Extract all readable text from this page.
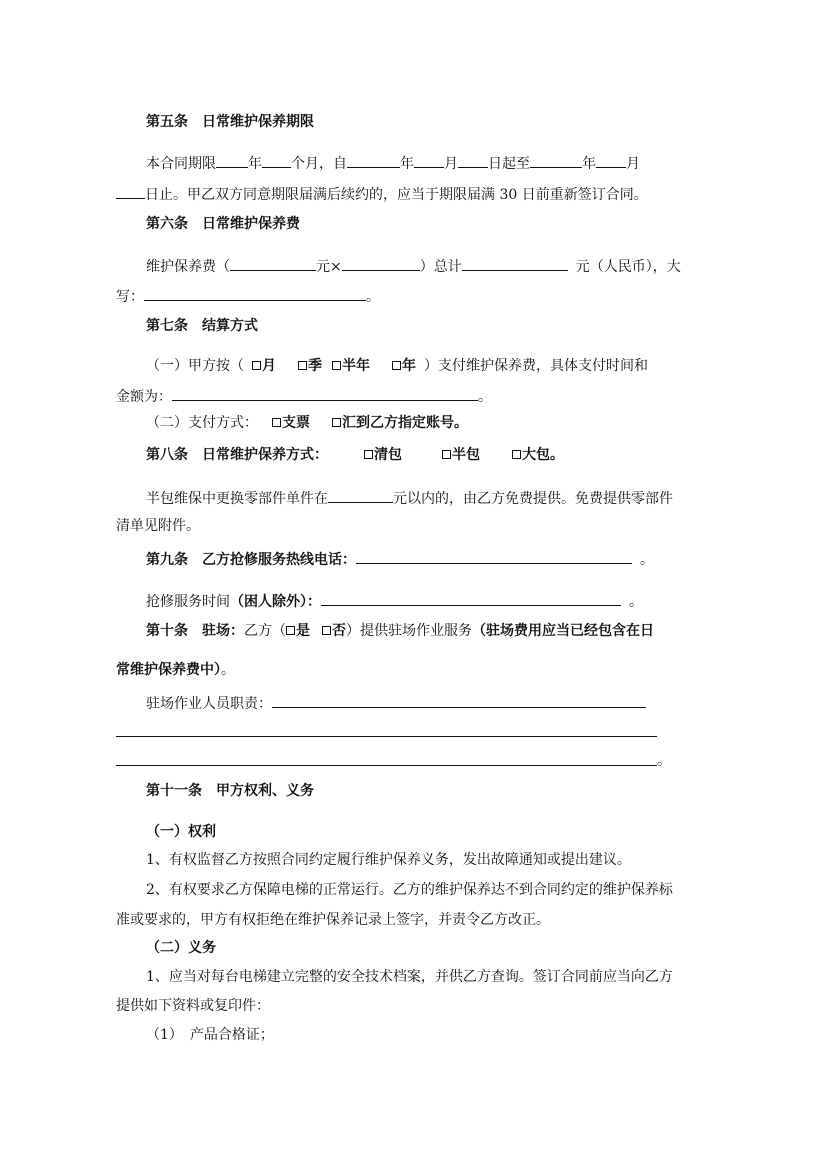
第五条　日常维护保养期限
本合同期限 年 个月，自	年 月 日起至	年 月
日止。甲乙双方同意期限届满后续约的，应当于期限届满 30 日前重新签订合同。
第六条　日常维护保养费
维护保养费（	元×	）总计	元（人民币），大
写：	。
第七条　结算方式
（一）甲方按（ 月 季 半年 年 ）支付维护保养费，具体支付时间和
金额为：	。
（二）支付方式： 支票 汇到乙方指定账号。
第八条　日常维护保养方式：	清包	半包	大包。
半包维保中更换零部件单件在	元以内的，由乙方免费提供。免费提供零部件
清单见附件。
第九条　乙方抢修服务热线电话：	。
抢修服务时间（困人除外）：	。
第十条　驻场：乙方（ 是 否）提供驻场作业服务（驻场费用应当已经包含在日
常维护保养费中）。
驻场作业人员职责：
。
第十一条　甲方权利、义务
（一）权利
1、有权监督乙方按照合同约定履行维护保养义务，发出故障通知或提出建议。
2、有权要求乙方保障电梯的正常运行。乙方的维护保养达不到合同约定的维护保养标
准或要求的，甲方有权拒绝在维护保养记录上签字，并责令乙方改正。
（二）义务
1、应当对每台电梯建立完整的安全技术档案，并供乙方查询。签订合同前应当向乙方
提供如下资料或复印件：
（1）　产品合格证；
